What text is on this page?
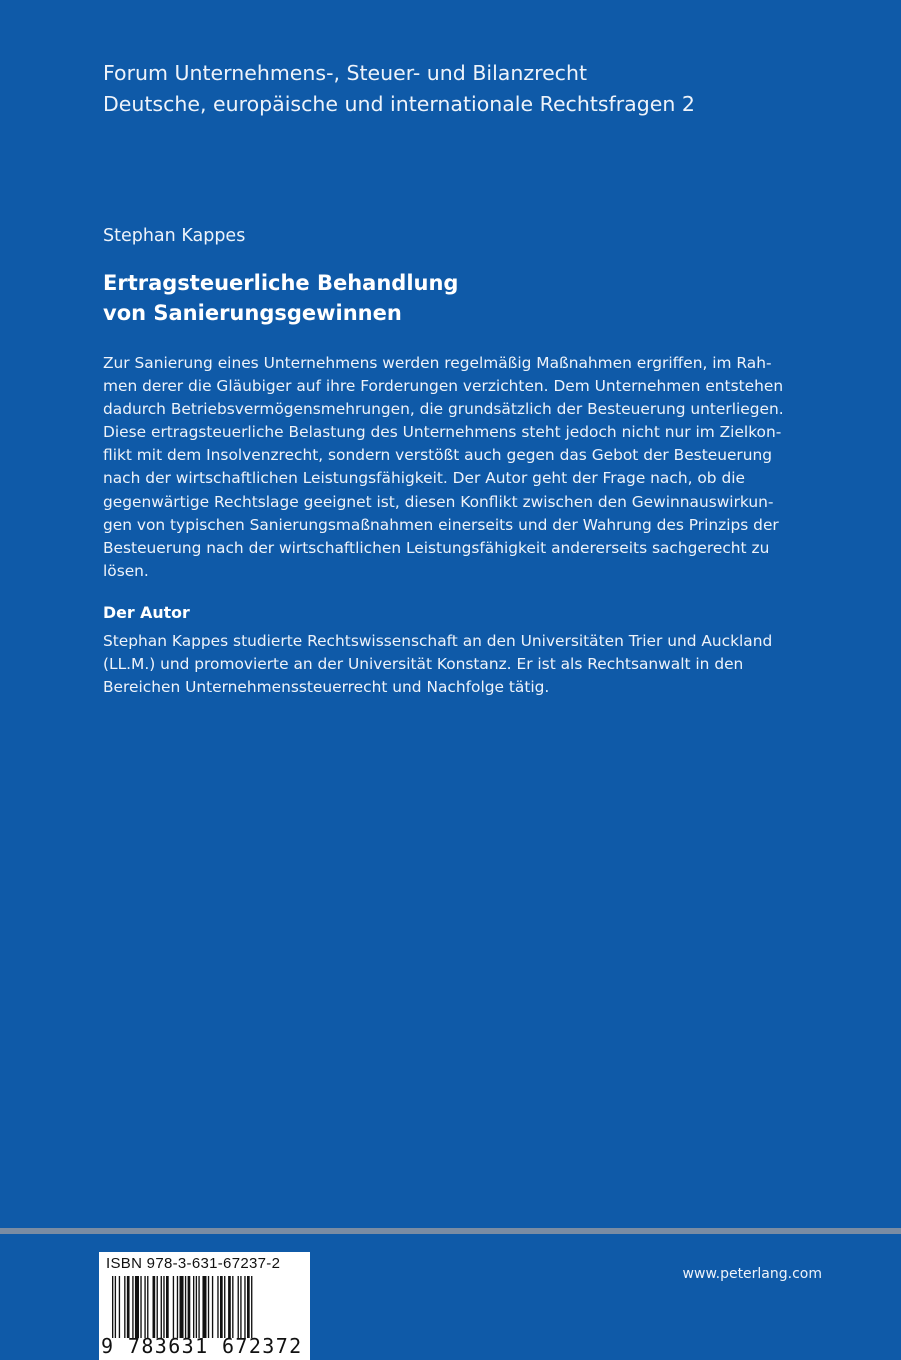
Forum Unternehmens-, Steuer- und Bilanzrecht
Deutsche, europäische und internationale Rechtsfragen 2
Stephan Kappes
Ertragsteuerliche Behandlung
von Sanierungsgewinnen
Zur Sanierung eines Unternehmens werden regelmäßig Maßnahmen ergriffen, im Rah-
men derer die Gläubiger auf ihre Forderungen verzichten. Dem Unternehmen entstehen
dadurch Betriebsvermögensmehrungen, die grundsätzlich der Besteuerung unterliegen.
Diese ertragsteuerliche Belastung des Unternehmens steht jedoch nicht nur im Zielkon-
flikt mit dem Insolvenzrecht, sondern verstößt auch gegen das Gebot der Besteuerung
nach der wirtschaftlichen Leistungsfähigkeit. Der Autor geht der Frage nach, ob die
gegenwärtige Rechtslage geeignet ist, diesen Konflikt zwischen den Gewinnauswirkun-
gen von typischen Sanierungsmaßnahmen einerseits und der Wahrung des Prinzips der
Besteuerung nach der wirtschaftlichen Leistungsfähigkeit andererseits sachgerecht zu
lösen.
Der Autor
Stephan Kappes studierte Rechtswissenschaft an den Universitäten Trier und Auckland
(LL.M.) und promovierte an der Universität Konstanz. Er ist als Rechtsanwalt in den
Bereichen Unternehmenssteuerrecht und Nachfolge tätig.
ISBN 978-3-631-67237-2
9 783631 672372
www.peterlang.com
